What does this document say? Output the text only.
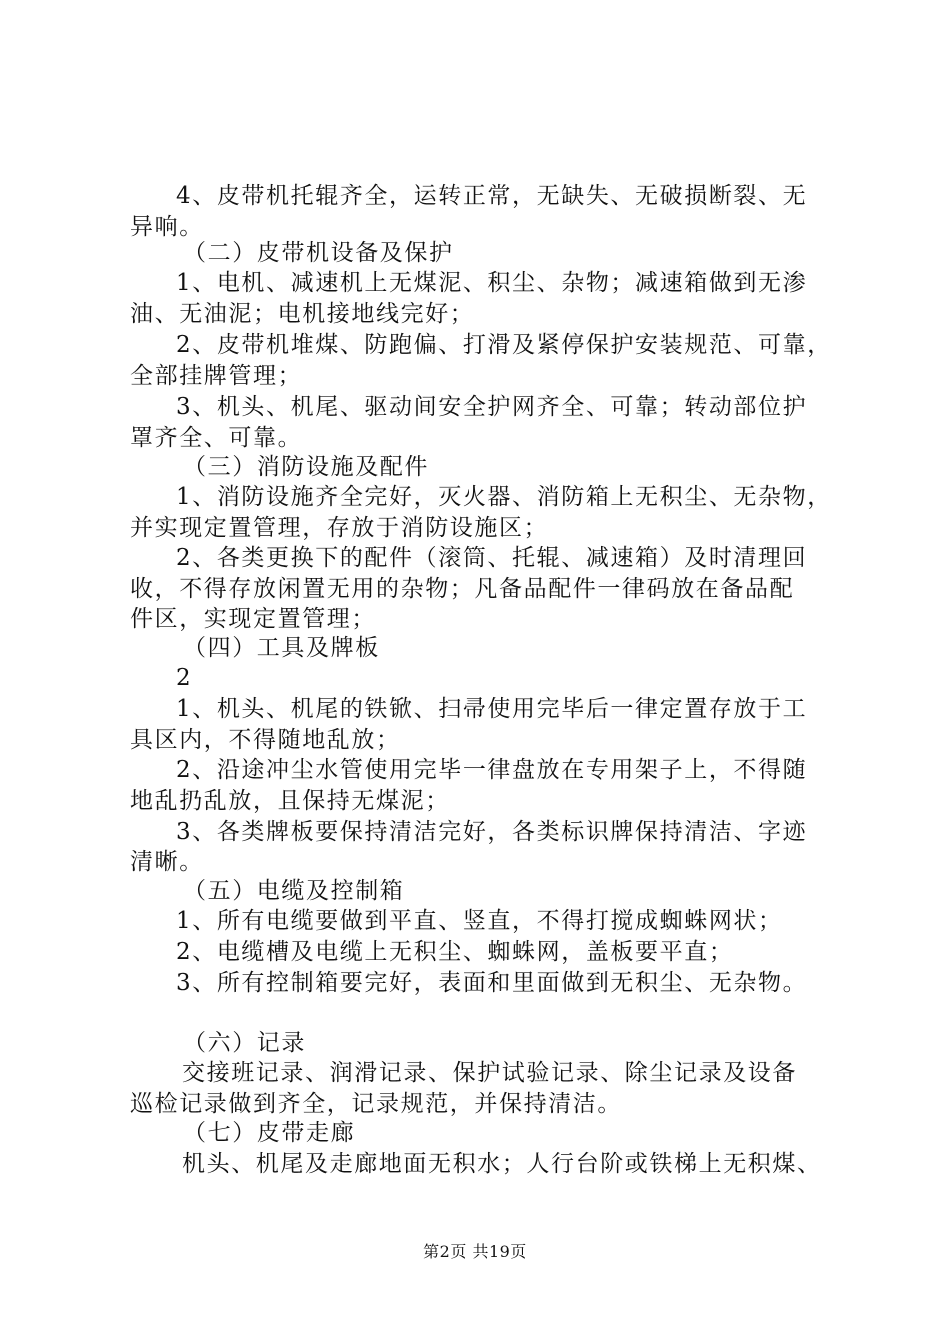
4、皮带机托辊齐全，运转正常，无缺失、无破损断裂、无
异响。
（二）皮带机设备及保护
1、电机、减速机上无煤泥、积尘、杂物；减速箱做到无渗
油、无油泥；电机接地线完好；
2、皮带机堆煤、防跑偏、打滑及紧停保护安装规范、可靠，
全部挂牌管理；
3、机头、机尾、驱动间安全护网齐全、可靠；转动部位护
罩齐全、可靠。
（三）消防设施及配件
1、消防设施齐全完好，灭火器、消防箱上无积尘、无杂物，
并实现定置管理，存放于消防设施区；
2、各类更换下的配件（滚筒、托辊、减速箱）及时清理回
收，不得存放闲置无用的杂物；凡备品配件一律码放在备品配
件区，实现定置管理；
（四）工具及牌板
2
1、机头、机尾的铁锨、扫帚使用完毕后一律定置存放于工
具区内，不得随地乱放；
2、沿途冲尘水管使用完毕一律盘放在专用架子上，不得随
地乱扔乱放，且保持无煤泥；
3、各类牌板要保持清洁完好，各类标识牌保持清洁、字迹
清晰。
（五）电缆及控制箱
1、所有电缆要做到平直、竖直，不得打搅成蜘蛛网状；
2、电缆槽及电缆上无积尘、蜘蛛网，盖板要平直；
3、所有控制箱要完好，表面和里面做到无积尘、无杂物。
（六）记录
交接班记录、润滑记录、保护试验记录、除尘记录及设备
巡检记录做到齐全，记录规范，并保持清洁。
（七）皮带走廊
机头、机尾及走廊地面无积水；人行台阶或铁梯上无积煤、
第2页 共19页
